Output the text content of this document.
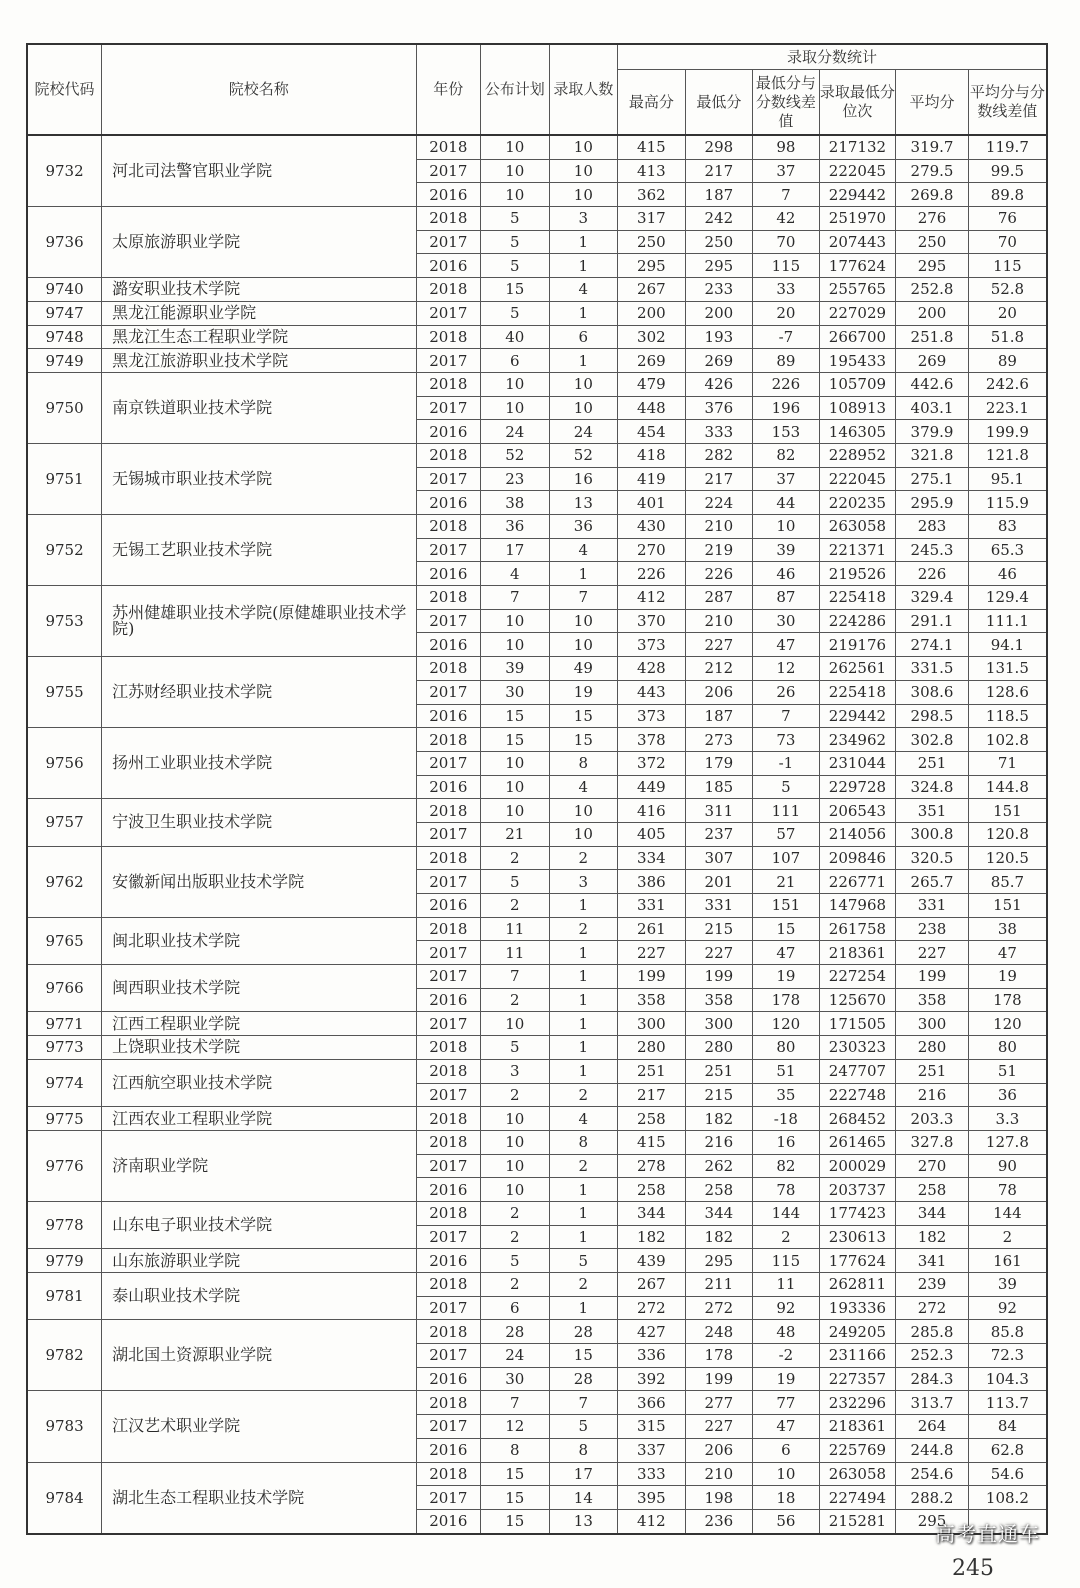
院校代码	院校名称	年份	公布计划	录取人数	录取分数统计					
					最高分	最低分	最低分与分数线差值	录取最低分位次	平均分	平均分与分数线差值
9732	河北司法警官职业学院	2018	10	10	415	298	98	217132	319.7	119.7
		2017	10	10	413	217	37	222045	279.5	99.5
		2016	10	10	362	187	7	229442	269.8	89.8
9736	太原旅游职业学院	2018	5	3	317	242	42	251970	276	76
		2017	5	1	250	250	70	207443	250	70
		2016	5	1	295	295	115	177624	295	115
9740	潞安职业技术学院	2018	15	4	267	233	33	255765	252.8	52.8
9747	黑龙江能源职业学院	2017	5	1	200	200	20	227029	200	20
9748	黑龙江生态工程职业学院	2018	40	6	302	193	-7	266700	251.8	51.8
9749	黑龙江旅游职业技术学院	2017	6	1	269	269	89	195433	269	89
9750	南京铁道职业技术学院	2018	10	10	479	426	226	105709	442.6	242.6
		2017	10	10	448	376	196	108913	403.1	223.1
		2016	24	24	454	333	153	146305	379.9	199.9
9751	无锡城市职业技术学院	2018	52	52	418	282	82	228952	321.8	121.8
		2017	23	16	419	217	37	222045	275.1	95.1
		2016	38	13	401	224	44	220235	295.9	115.9
9752	无锡工艺职业技术学院	2018	36	36	430	210	10	263058	283	83
		2017	17	4	270	219	39	221371	245.3	65.3
		2016	4	1	226	226	46	219526	226	46
9753	苏州健雄职业技术学院(原健雄职业技术学院)	2018	7	7	412	287	87	225418	329.4	129.4
		2017	10	10	370	210	30	224286	291.1	111.1
		2016	10	10	373	227	47	219176	274.1	94.1
9755	江苏财经职业技术学院	2018	39	49	428	212	12	262561	331.5	131.5
		2017	30	19	443	206	26	225418	308.6	128.6
		2016	15	15	373	187	7	229442	298.5	118.5
9756	扬州工业职业技术学院	2018	15	15	378	273	73	234962	302.8	102.8
		2017	10	8	372	179	-1	231044	251	71
		2016	10	4	449	185	5	229728	324.8	144.8
9757	宁波卫生职业技术学院	2018	10	10	416	311	111	206543	351	151
		2017	21	10	405	237	57	214056	300.8	120.8
9762	安徽新闻出版职业技术学院	2018	2	2	334	307	107	209846	320.5	120.5
		2017	5	3	386	201	21	226771	265.7	85.7
		2016	2	1	331	331	151	147968	331	151
9765	闽北职业技术学院	2018	11	2	261	215	15	261758	238	38
		2017	11	1	227	227	47	218361	227	47
9766	闽西职业技术学院	2017	7	1	199	199	19	227254	199	19
		2016	2	1	358	358	178	125670	358	178
9771	江西工程职业学院	2017	10	1	300	300	120	171505	300	120
9773	上饶职业技术学院	2018	5	1	280	280	80	230323	280	80
9774	江西航空职业技术学院	2018	3	1	251	251	51	247707	251	51
		2017	2	2	217	215	35	222748	216	36
9775	江西农业工程职业学院	2018	10	4	258	182	-18	268452	203.3	3.3
9776	济南职业学院	2018	10	8	415	216	16	261465	327.8	127.8
		2017	10	2	278	262	82	200029	270	90
		2016	10	1	258	258	78	203737	258	78
9778	山东电子职业技术学院	2018	2	1	344	344	144	177423	344	144
		2017	2	1	182	182	2	230613	182	2
9779	山东旅游职业学院	2016	5	5	439	295	115	177624	341	161
9781	泰山职业技术学院	2018	2	2	267	211	11	262811	239	39
		2017	6	1	272	272	92	193336	272	92
9782	湖北国土资源职业学院	2018	28	28	427	248	48	249205	285.8	85.8
		2017	24	15	336	178	-2	231166	252.3	72.3
		2016	30	28	392	199	19	227357	284.3	104.3
9783	江汉艺术职业学院	2018	7	7	366	277	77	232296	313.7	113.7
		2017	12	5	315	227	47	218361	264	84
		2016	8	8	337	206	6	225769	244.8	62.8
9784	湖北生态工程职业技术学院	2018	15	17	333	210	10	263058	254.6	54.6
		2017	15	14	395	198	18	227494	288.2	108.2
		2016	15	13	412	236	56	215281	295	
高考直通车
245
